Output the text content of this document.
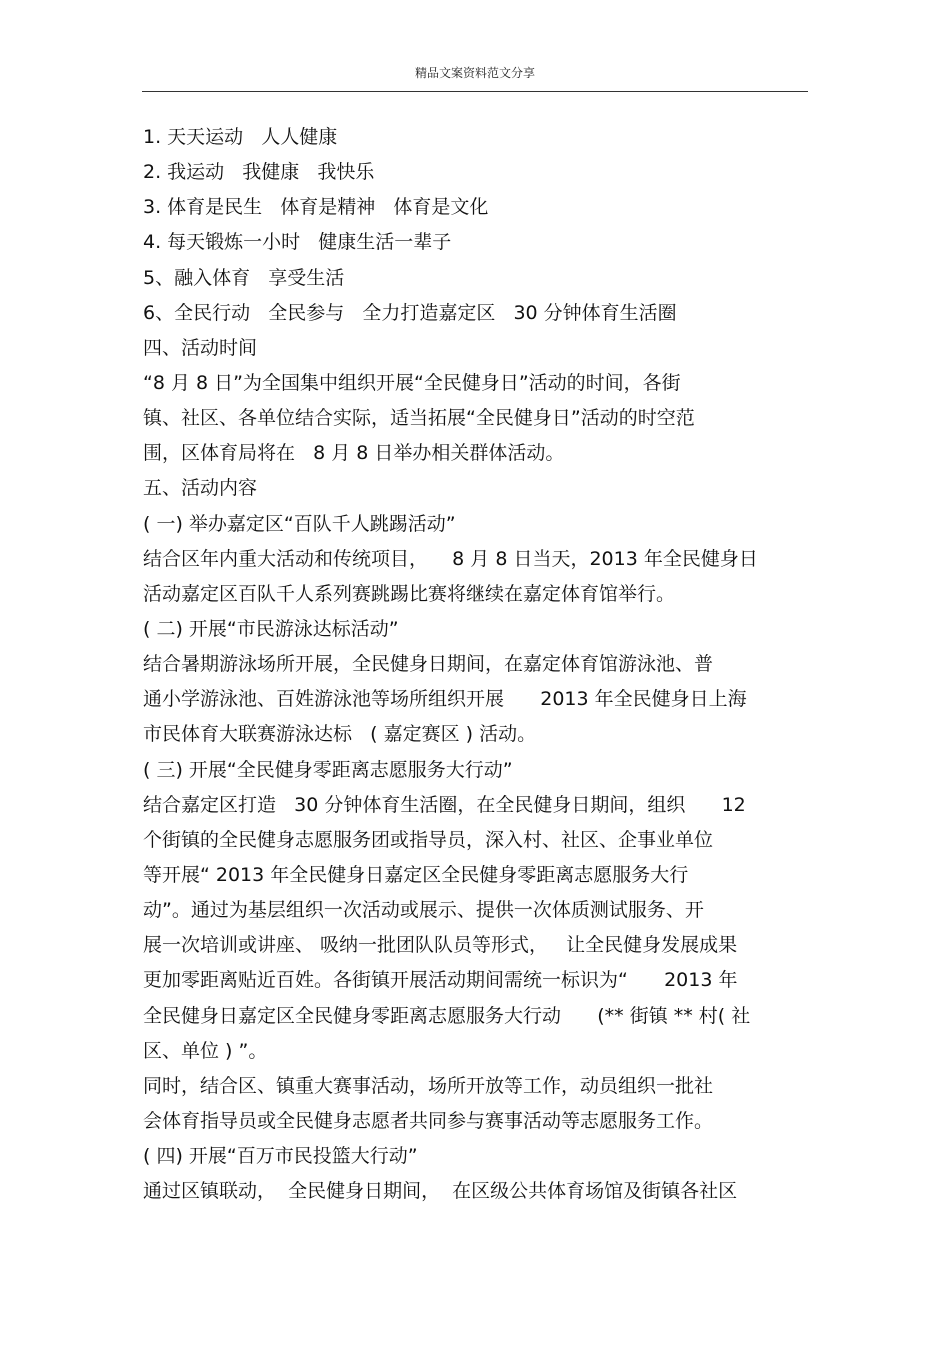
精品文案资料范文分享
1. 天天运动   人人健康
2. 我运动   我健康   我快乐
3. 体育是民生   体育是精神   体育是文化
4. 每天锻炼一小时   健康生活一辈子
5、融入体育   享受生活
6、全民行动   全民参与   全力打造嘉定区   30 分钟体育生活圈
四、活动时间
“8 月 8 日”为全国集中组织开展“全民健身日”活动的时间，各街
镇、社区、各单位结合实际，适当拓展“全民健身日”活动的时空范
围，区体育局将在   8 月 8 日举办相关群体活动。
五、活动内容
( 一) 举办嘉定区“百队千人跳踢活动”
结合区年内重大活动和传统项目，    8 月 8 日当天，2013 年全民健身日
活动嘉定区百队千人系列赛跳踢比赛将继续在嘉定体育馆举行。
( 二) 开展“市民游泳达标活动”
结合暑期游泳场所开展，全民健身日期间，在嘉定体育馆游泳池、普
通小学游泳池、百姓游泳池等场所组织开展      2013 年全民健身日上海
市民体育大联赛游泳达标   ( 嘉定赛区 ) 活动。
( 三) 开展“全民健身零距离志愿服务大行动”
结合嘉定区打造   30 分钟体育生活圈，在全民健身日期间，组织      12
个街镇的全民健身志愿服务团或指导员，深入村、社区、企事业单位
等开展“ 2013 年全民健身日嘉定区全民健身零距离志愿服务大行
动”。通过为基层组织一次活动或展示、提供一次体质测试服务、开
展一次培训或讲座、 吸纳一批团队队员等形式，   让全民健身发展成果
更加零距离贴近百姓。各街镇开展活动期间需统一标识为“      2013 年
全民健身日嘉定区全民健身零距离志愿服务大行动      (** 街镇 ** 村( 社
区、单位 ) ”。
同时，结合区、镇重大赛事活动，场所开放等工作，动员组织一批社
会体育指导员或全民健身志愿者共同参与赛事活动等志愿服务工作。
( 四) 开展“百万市民投篮大行动”
通过区镇联动，  全民健身日期间，  在区级公共体育场馆及街镇各社区
